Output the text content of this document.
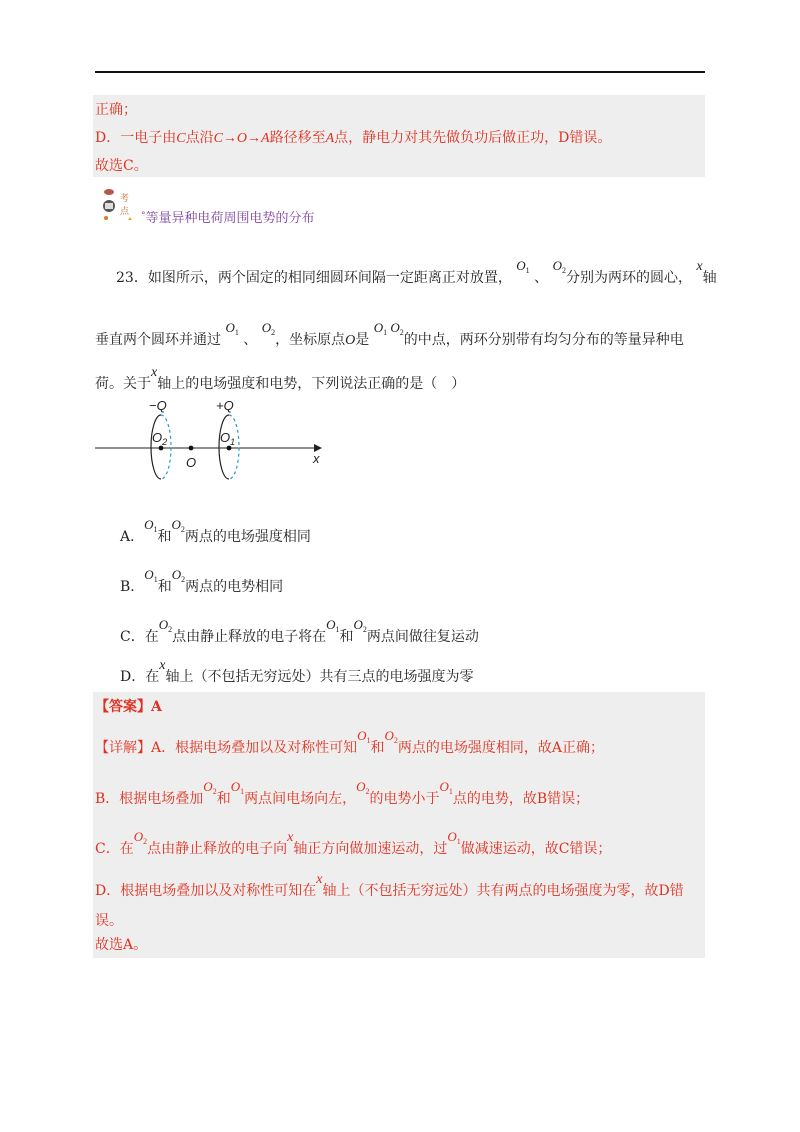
正确；
D．一电子由C点沿C→O→A路径移至A点，静电力对其先做负功后做正功，D错误。
故选C。
考
点 °等量异种电荷周围电势的分布
23．如图所示，两个固定的相同细圆环间隔一定距离正对放置， $O_1$ 、 $O_2$分别为两环的圆心， x轴
垂直两个圆环并通过 $O_1$ 、 $O_2$，坐标原点O是 $O_1$ $O_2$的中点，两环分别带有均匀分布的等量异种电
荷。关于x轴上的电场强度和电势，下列说法正确的是（　）
−Q	+Q
$O_2$	$O_1$
O	x
A．$O_1$和$O_2$两点的电场强度相同
B．$O_1$和$O_2$两点的电势相同
C．在$O_2$点由静止释放的电子将在$O_1$和$O_2$两点间做往复运动
D．在x轴上（不包括无穷远处）共有三点的电场强度为零
【答案】A
【详解】A．根据电场叠加以及对称性可知$O_1$和$O_2$两点的电场强度相同，故A正确；
B．根据电场叠加$O_2$和$O_1$两点间电场向左，$O_2$的电势小于$O_1$点的电势，故B错误；
C．在$O_2$点由静止释放的电子向x轴正方向做加速运动，过$O_1$做减速运动，故C错误；
D．根据电场叠加以及对称性可知在x轴上（不包括无穷远处）共有两点的电场强度为零，故D错
误。
故选A。
